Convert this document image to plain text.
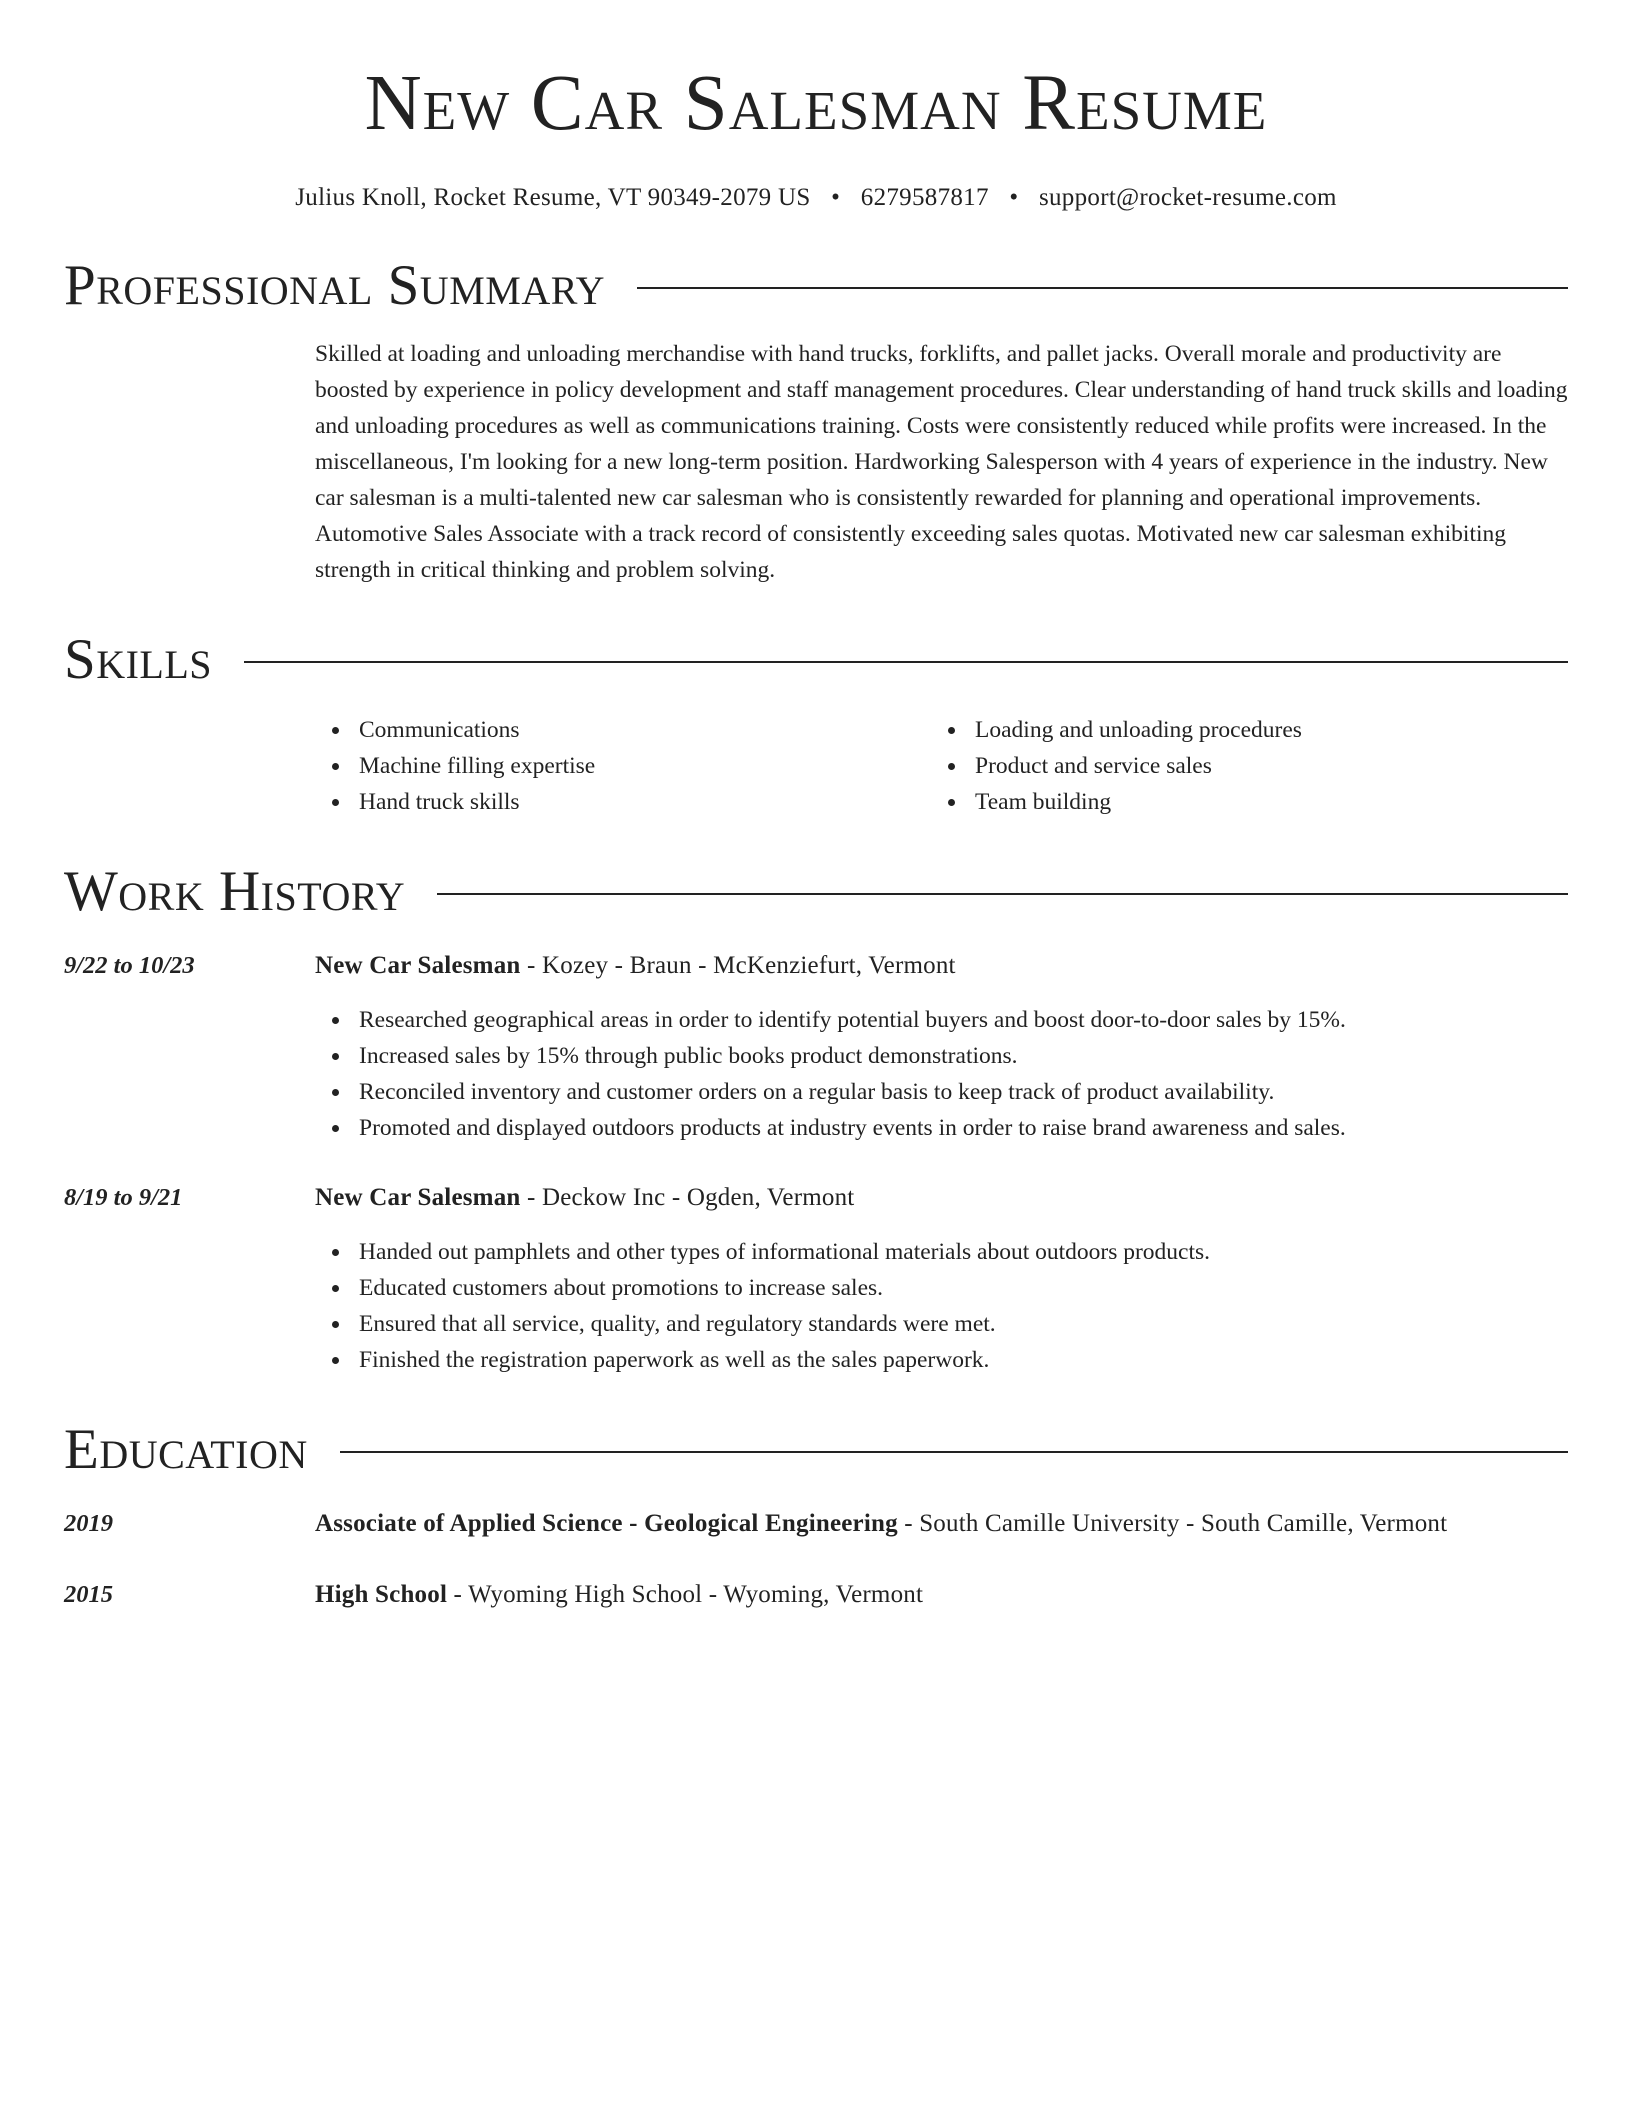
New Car Salesman Resume
Julius Knoll, Rocket Resume, VT 90349-2079 US • 6279587817 • support@rocket-resume.com
Professional Summary
Skilled at loading and unloading merchandise with hand trucks, forklifts, and pallet jacks. Overall morale and productivity are boosted by experience in policy development and staff management procedures. Clear understanding of hand truck skills and loading and unloading procedures as well as communications training. Costs were consistently reduced while profits were increased. In the miscellaneous, I'm looking for a new long-term position. Hardworking Salesperson with 4 years of experience in the industry. New car salesman is a multi-talented new car salesman who is consistently rewarded for planning and operational improvements. Automotive Sales Associate with a track record of consistently exceeding sales quotas. Motivated new car salesman exhibiting strength in critical thinking and problem solving.
Skills
Communications
Machine filling expertise
Hand truck skills
Loading and unloading procedures
Product and service sales
Team building
Work History
9/22 to 10/23	New Car Salesman - Kozey - Braun - McKenziefurt, Vermont
Researched geographical areas in order to identify potential buyers and boost door-to-door sales by 15%.
Increased sales by 15% through public books product demonstrations.
Reconciled inventory and customer orders on a regular basis to keep track of product availability.
Promoted and displayed outdoors products at industry events in order to raise brand awareness and sales.
8/19 to 9/21	New Car Salesman - Deckow Inc - Ogden, Vermont
Handed out pamphlets and other types of informational materials about outdoors products.
Educated customers about promotions to increase sales.
Ensured that all service, quality, and regulatory standards were met.
Finished the registration paperwork as well as the sales paperwork.
Education
2019	Associate of Applied Science - Geological Engineering - South Camille University - South Camille, Vermont
2015	High School - Wyoming High School - Wyoming, Vermont
